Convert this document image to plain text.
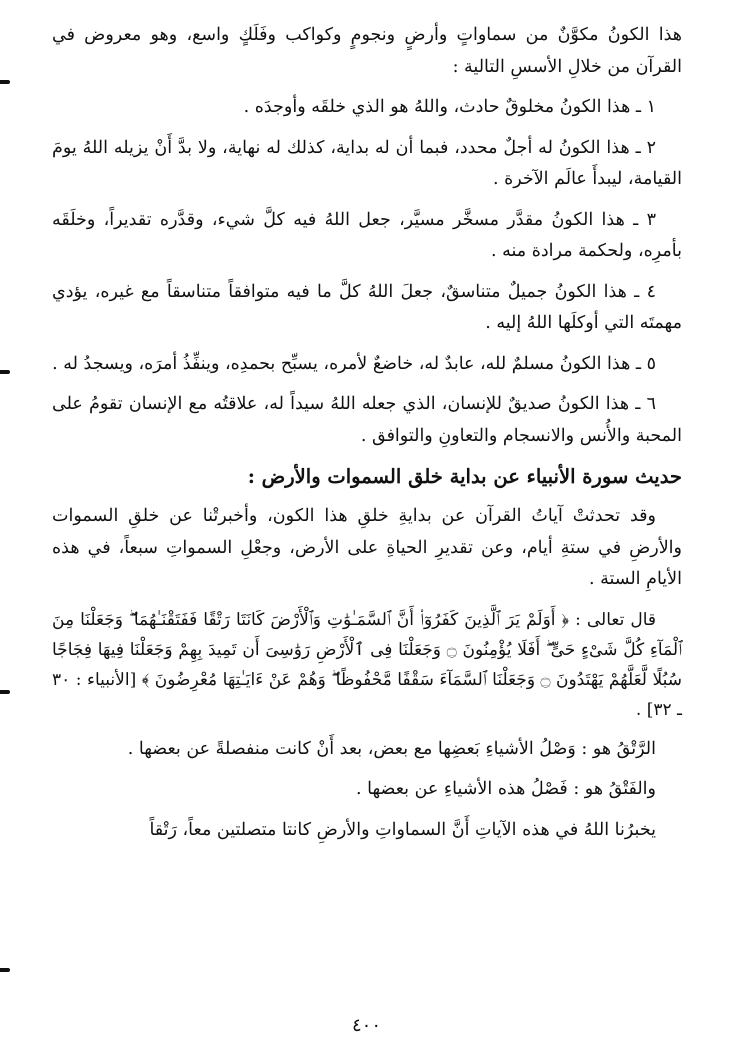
هذا الكونُ مكوَّنٌ من سماواتٍ وأرضٍ ونجومٍ وكواكب وفَلَكٍ واسع، وهو معروض في القرآن من خلالِ الأسسِ التالية :

١ ـ هذا الكونُ مخلوقٌ حادث، واللهُ هو الذي خلقَه وأوجدَه .

٢ ـ هذا الكونُ له أجلٌ محدد، فبما أن له بداية، كذلك له نهاية، ولا بدَّ أَنْ يزيله اللهُ يومَ القيامة، ليبدأَ عالَم الآخرة .

٣ ـ هذا الكونُ مقدَّر مسخَّر مسيَّر، جعل اللهُ فيه كلَّ شيء، وقدَّره تقديراً، وخلَقَه بأمرِه، ولحكمة مرادة منه .

٤ ـ هذا الكونُ جميلٌ متناسقٌ، جعلَ اللهُ كلَّ ما فيه متوافقاً متناسقاً مع غيره، يؤدي مهمتَه التي أوكلَها اللهُ إليه .

٥ ـ هذا الكونُ مسلمٌ لله، عابدٌ له، خاضعٌ لأمره، يسبِّح بحمدِه، وينفِّذُ أمرَه، ويسجدُ له .

٦ ـ هذا الكونُ صديقٌ للإنسان، الذي جعله اللهُ سيداً له، علاقتُه مع الإنسان تقومُ على المحبة والأُنس والانسجام والتعاونِ والتوافق .

حديث سورة الأنبياء عن بداية خلق السموات والأرض :

وقد تحدثتْ آياتُ القرآن عن بدايةِ خلقِ هذا الكون، وأخبرتْنا عن خلقِ السموات والأرضِ في ستةِ أيام، وعن تقديرِ الحياةِ على الأرض، وجعْلِ السمواتِ سبعاً، في هذه الأيامِ الستة .

قال تعالى : ﴿ أَوَلَمْ يَرَ ٱلَّذِينَ كَفَرُوٓا۟ أَنَّ ٱلسَّمَـٰوَٰتِ وَٱلْأَرْضَ كَانَتَا رَتْقًا فَفَتَقْنَـٰهُمَا ۖ وَجَعَلْنَا مِنَ ٱلْمَآءِ كُلَّ شَىْءٍ حَىٍّ ۖ أَفَلَا يُؤْمِنُونَ ۝ وَجَعَلْنَا فِى ٱلْأَرْضِ رَوَٰسِىَ أَن تَمِيدَ بِهِمْ وَجَعَلْنَا فِيهَا فِجَاجًا سُبُلًا لَّعَلَّهُمْ يَهْتَدُونَ ۝ وَجَعَلْنَا ٱلسَّمَآءَ سَقْفًا مَّحْفُوظًا ۖ وَهُمْ عَنْ ءَايَـٰتِهَا مُعْرِضُونَ ﴾ [الأنبياء : ٣٠ ـ ٣٢] .

الرَّتْقُ هو : وَصْلُ الأشياءِ بَعضِها مع بعض، بعد أَنْ كانت منفصلةً عن بعضها .

والفَتْقُ هو : فَصْلُ هذه الأشياءِ عن بعضها .

يخبرُنا اللهُ في هذه الآياتِ أَنَّ السماواتِ والأرضِ كانتا متصلتين معاً، رَتْقاً

٤٠٠
